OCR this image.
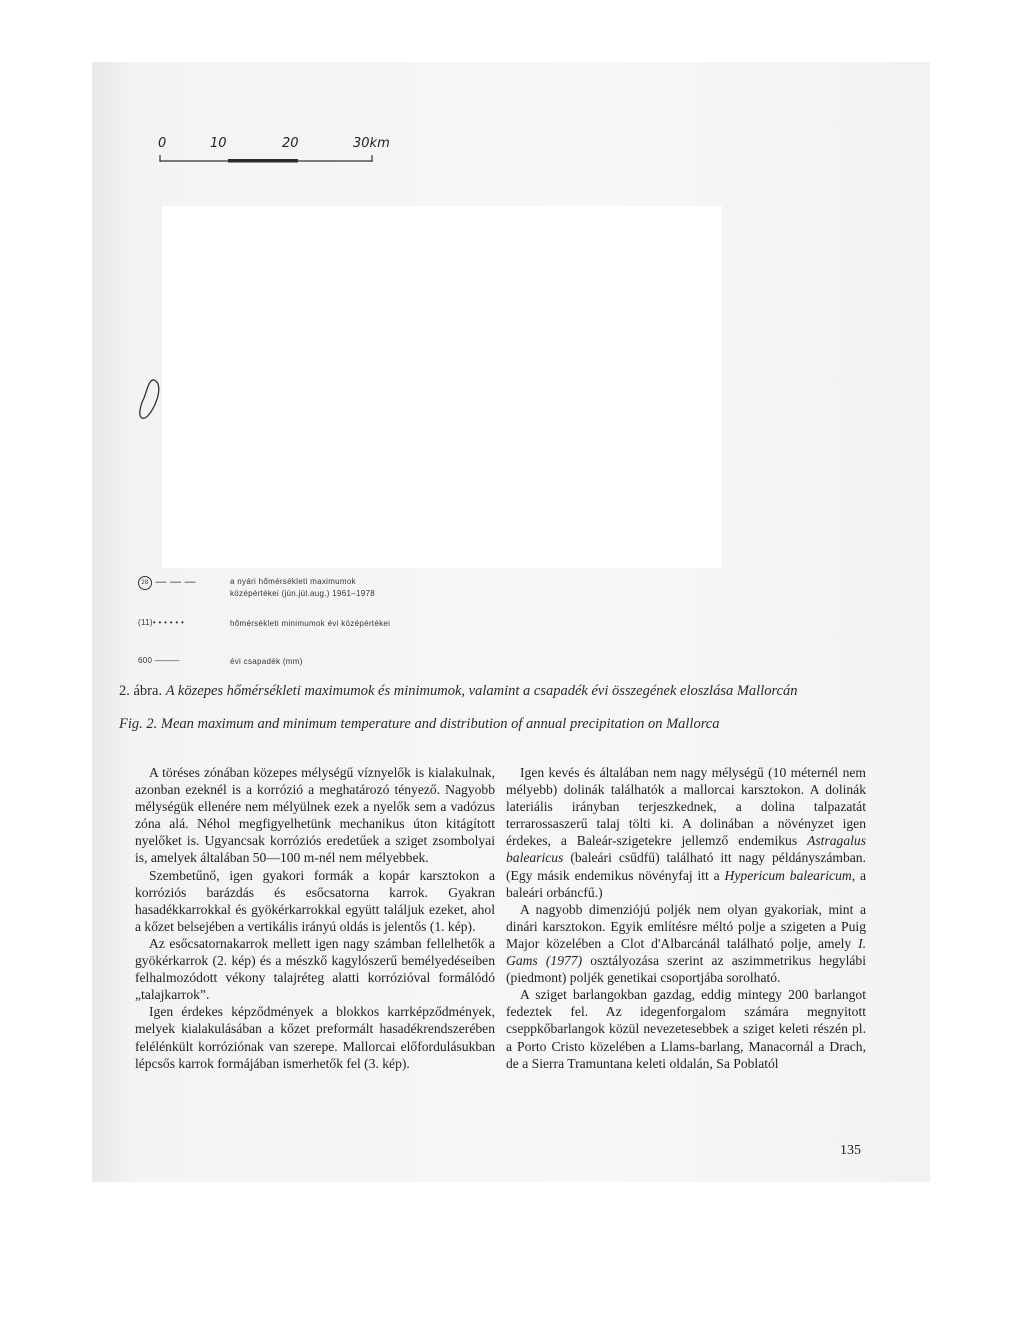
0	10	20	30km
28 — — —	a nyári hőmérsékleti maximumok
középértékei (jún.júl.aug.) 1961–1978
(11)• • • • • •	hőmérsékleti minimumok évi középértékei
600 ———	évi csapadék (mm)
2. ábra. A közepes hőmérsékleti maximumok és minimumok, valamint a csapadék évi összegének eloszlása Mallorcán
Fig. 2. Mean maximum and minimum temperature and distribution of annual precipitation on Mallorca

A töréses zónában közepes mélységű víznyelők is kialakulnak, azonban ezeknél is a korrózió a meghatározó tényező. Nagyobb mélységük ellenére nem mélyülnek ezek a nyelők sem a vadózus zóna alá. Néhol megfigyelhetünk mechanikus úton kitágított nyelőket is. Ugyancsak korróziós eredetűek a sziget zsombolyai is, amelyek általában 50—100 m-nél nem mélyebbek.

Szembetűnő, igen gyakori formák a kopár karsztokon a korróziós barázdás és esőcsatorna karrok. Gyakran hasadékkarrokkal és gyökérkarrokkal együtt találjuk ezeket, ahol a kőzet belsejében a vertikális irányú oldás is jelentős (1. kép).

Az esőcsatornakarrok mellett igen nagy számban fellelhetők a gyökérkarrok (2. kép) és a mészkő kagylószerű bemélyedéseiben felhalmozódott vékony talajréteg alatti korrózióval formálódó „talajkarrok”.

Igen érdekes képződmények a blokkos karrképződmények, melyek kialakulásában a kőzet preformált hasadékrendszerében felélénkült korróziónak van szerepe. Mallorcai előfordulásukban lépcsős karrok formájában ismerhetők fel (3. kép).

Igen kevés és általában nem nagy mélységű (10 méternél nem mélyebb) dolinák találhatók a mallorcai karsztokon. A dolinák lateriális irányban terjeszkednek, a dolina talpazatát terrarossaszerű talaj tölti ki. A dolinában a növényzet igen érdekes, a Baleár-szigetekre jellemző endemikus Astragalus balearicus (baleári csűdfű) található itt nagy példányszámban. (Egy másik endemikus növényfaj itt a Hypericum balearicum, a baleári orbáncfű.)

A nagyobb dimenziójú poljék nem olyan gyakoriak, mint a dinári karsztokon. Egyik említésre méltó polje a szigeten a Puig Major közelében a Clot d'Albarcánál található polje, amely I. Gams (1977) osztályozása szerint az aszimmetrikus hegylábi (piedmont) poljék genetikai csoportjába sorolható.

A sziget barlangokban gazdag, eddig mintegy 200 barlangot fedeztek fel. Az idegenforgalom számára megnyitott cseppkőbarlangok közül nevezetesebbek a sziget keleti részén pl. a Porto Cristo közelében a Llams-barlang, Manacornál a Drach, de a Sierra Tramuntana keleti oldalán, Sa Poblatól

135
